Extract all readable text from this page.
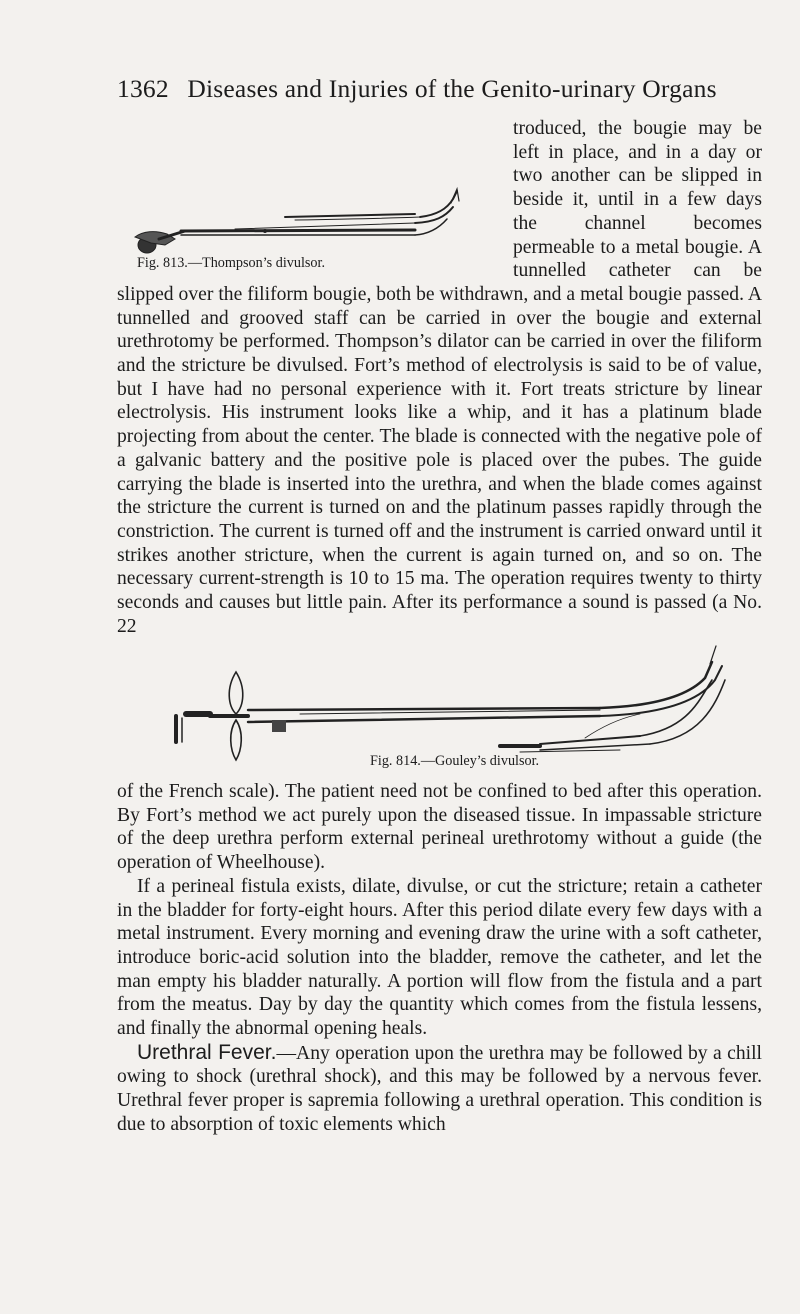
1362 Diseases and Injuries of the Genito-urinary Organs
Fig. 813.—Thompson’s divulsor.

troduced, the bougie may be left in place, and in a day or two another can be slipped in beside it, until in a few days the channel becomes permeable to a metal bougie. A tunnelled catheter can be slipped over the filiform bougie, both be withdrawn, and a metal bougie passed. A tunnelled and grooved staff can be carried in over the bougie and external urethrotomy be performed. Thompson’s dilator can be carried in over the filiform and the stricture be divulsed. Fort’s method of electrolysis is said to be of value, but I have had no personal experience with it. Fort treats stricture by linear electrolysis. His instrument looks like a whip, and it has a platinum blade projecting from about the center. The blade is connected with the negative pole of a galvanic battery and the positive pole is placed over the pubes. The guide carrying the blade is inserted into the urethra, and when the blade comes against the stricture the current is turned on and the platinum passes rapidly through the constriction. The current is turned off and the instrument is carried onward until it strikes another stricture, when the current is again turned on, and so on. The necessary current-strength is 10 to 15 ma. The operation requires twenty to thirty seconds and causes but little pain. After its performance a sound is passed (a No. 22

Fig. 814.—Gouley’s divulsor.

of the French scale). The patient need not be confined to bed after this operation. By Fort’s method we act purely upon the diseased tissue. In impassable stricture of the deep urethra perform external perineal urethrotomy without a guide (the operation of Wheelhouse).

If a perineal fistula exists, dilate, divulse, or cut the stricture; retain a catheter in the bladder for forty-eight hours. After this period dilate every few days with a metal instrument. Every morning and evening draw the urine with a soft catheter, introduce boric-acid solution into the bladder, remove the catheter, and let the man empty his bladder naturally. A portion will flow from the fistula and a part from the meatus. Day by day the quantity which comes from the fistula lessens, and finally the abnormal opening heals.

Urethral Fever.—Any operation upon the urethra may be followed by a chill owing to shock (urethral shock), and this may be followed by a nervous fever. Urethral fever proper is sapremia following a urethral operation. This condition is due to absorption of toxic elements which
